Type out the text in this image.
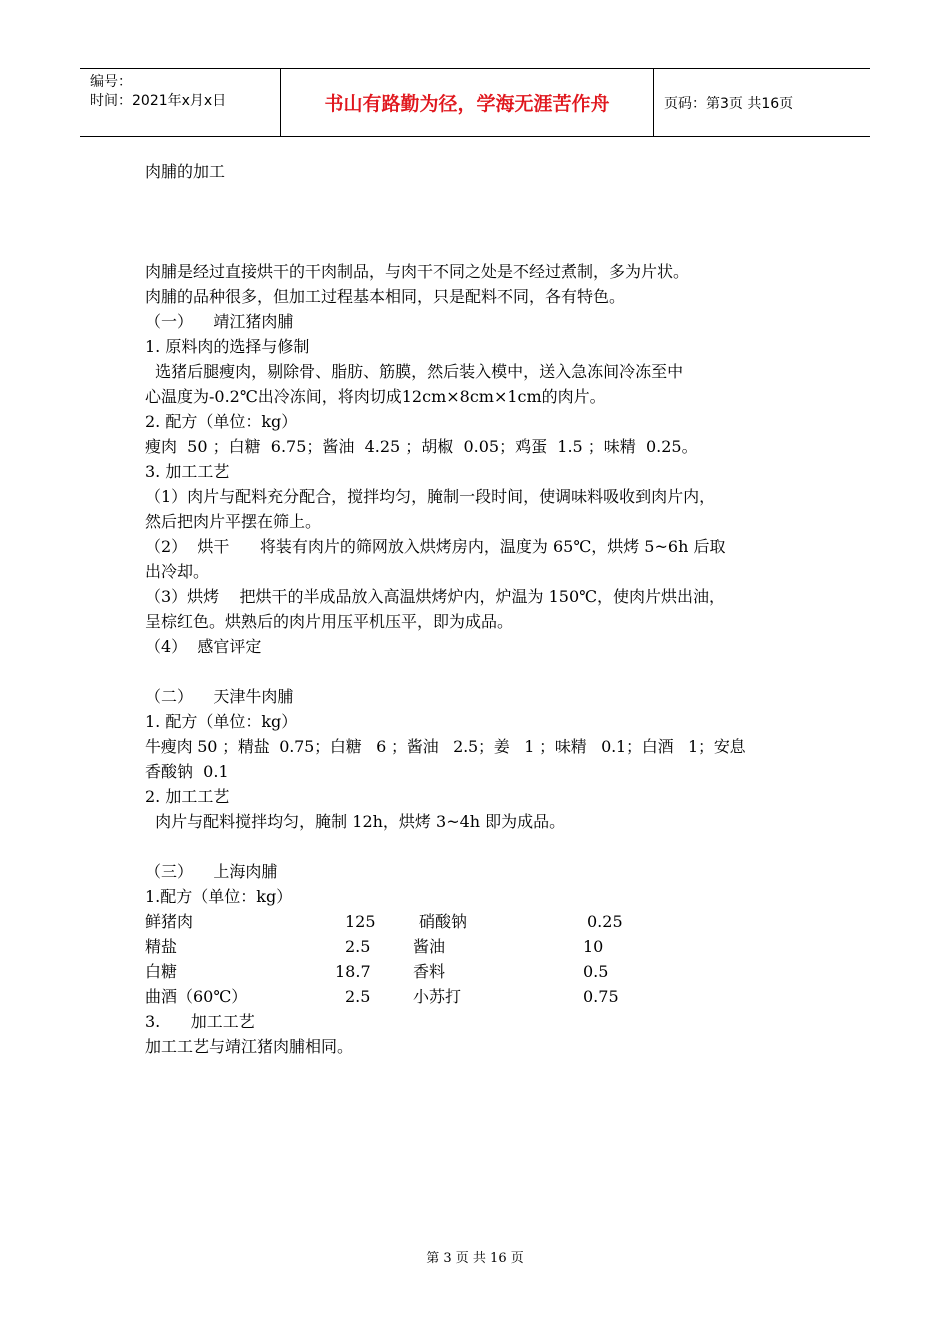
编号：
时间：2021年x月x日	书山有路勤为径，学海无涯苦作舟	页码：第3页 共16页

肉脯的加工

肉脯是经过直接烘干的干肉制品，与肉干不同之处是不经过煮制，多为片状。

肉脯的品种很多，但加工过程基本相同，只是配料不同，各有特色。

（一）    靖江猪肉脯

1. 原料肉的选择与修制

选猪后腿瘦肉，剔除骨、脂肪、筋膜，然后装入模中，送入急冻间冷冻至中

心温度为-0.2℃出冷冻间，将肉切成12cm×8cm×1cm的肉片。

2. 配方（单位：kg）

瘦肉  50 ；白糖  6.75；酱油  4.25 ；胡椒  0.05；鸡蛋  1.5 ；味精  0.25。

3. 加工工艺

（1）肉片与配料充分配合，搅拌均匀，腌制一段时间，使调味料吸收到肉片内，

然后把肉片平摆在筛上。

（2）  烘干      将装有肉片的筛网放入烘烤房内，温度为 65℃，烘烤 5~6h 后取

出冷却。

（3）烘烤    把烘干的半成品放入高温烘烤炉内，炉温为 150℃，使肉片烘出油，

呈棕红色。烘熟后的肉片用压平机压平，即为成品。

（4）  感官评定

（二）    天津牛肉脯

1. 配方（单位：kg）

牛瘦肉 50 ；精盐  0.75；白糖   6 ；酱油   2.5；姜   1 ；味精   0.1；白酒   1；安息

香酸钠  0.1

2. 加工工艺

肉片与配料搅拌均匀，腌制 12h，烘烤 3~4h 即为成品。

（三）    上海肉脯

1.配方（单位：kg）

鲜猪肉	125	硝酸钠	0.25
精盐	2.5	酱油	10
白糖	18.7	香料	0.5
曲酒（60℃）	2.5	小苏打	0.75

3.      加工工艺

加工工艺与靖江猪肉脯相同。

第 3 页 共 16 页
